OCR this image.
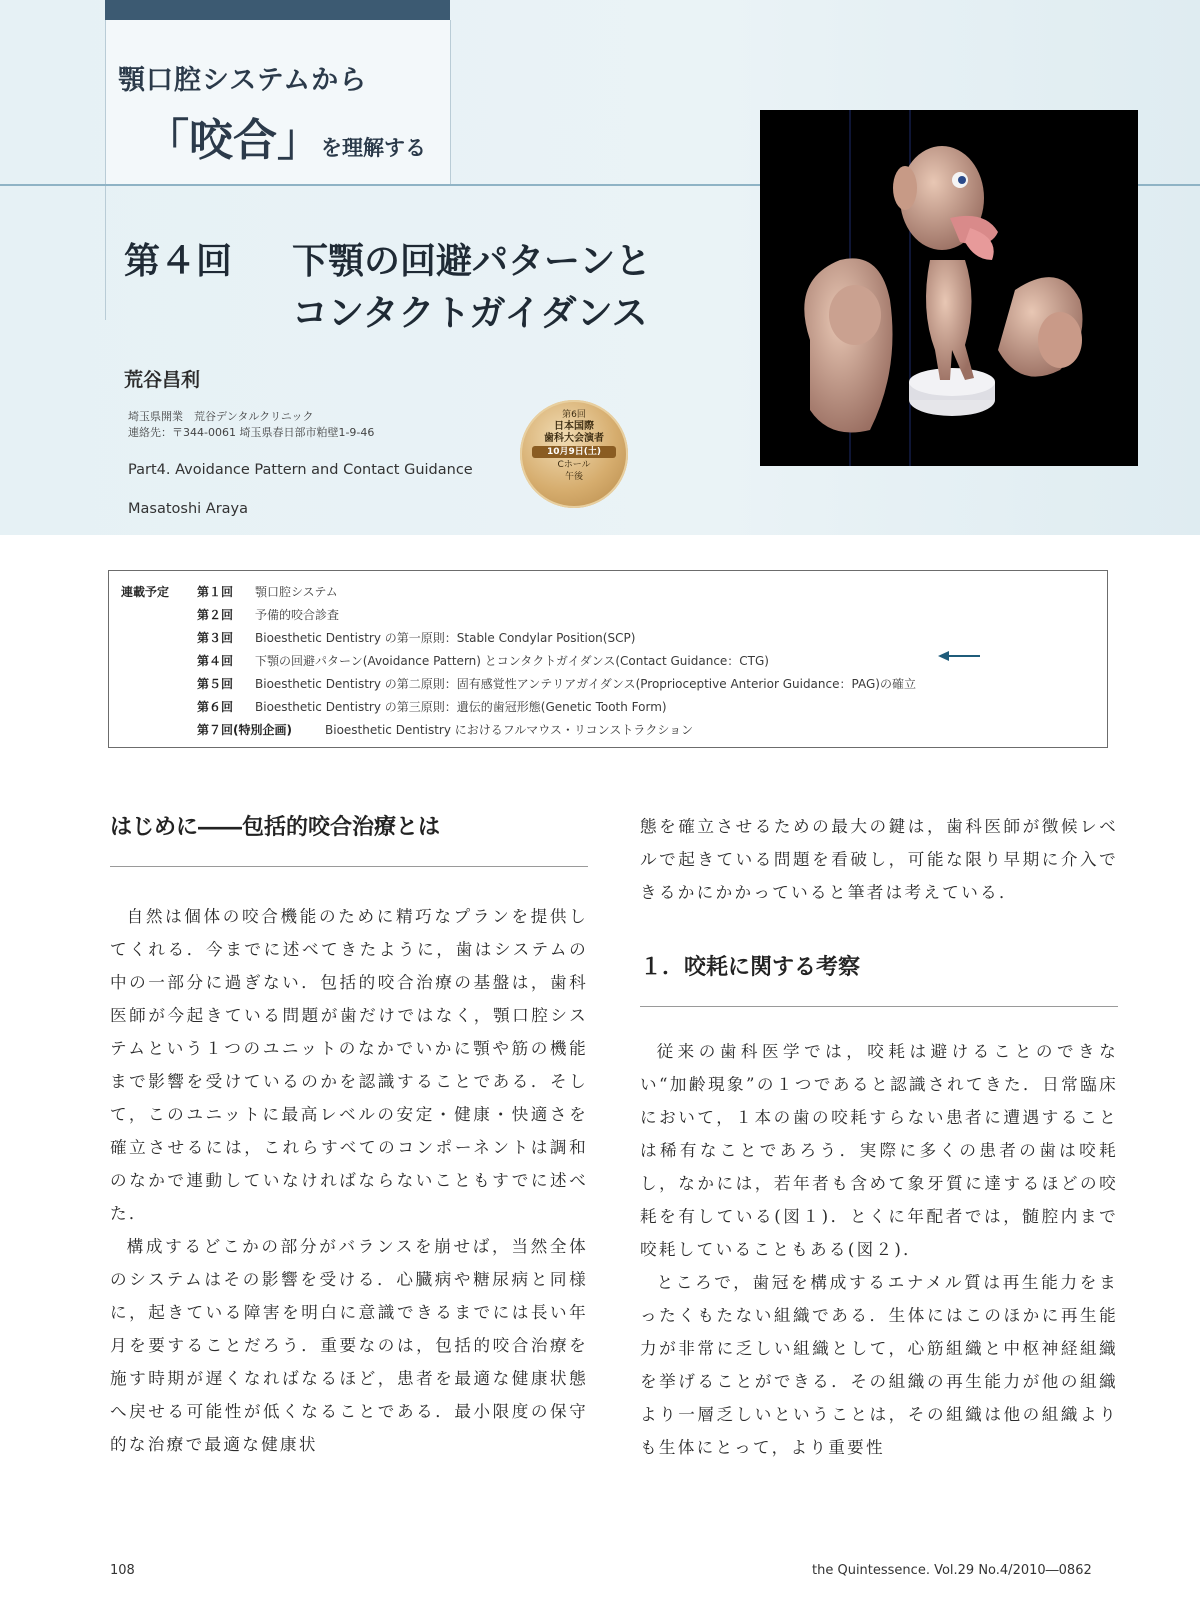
顎口腔システムから

「咬合」を理解する

第４回 下顎の回避パターンと
コンタクトガイダンス

荒谷昌利

埼玉県開業　荒谷デンタルクリニック
連絡先：〒344-0061 埼玉県春日部市粕壁1-9-46

Part4. Avoidance Pattern and Contact Guidance

Masatoshi Araya

第6回
日本国際
歯科大会演者
10月9日(土)
Cホール
午後

連載予定 第１回 顎口腔システム

第２回 予備的咬合診査

第３回 Bioesthetic Dentistry の第一原則：Stable Condylar Position(SCP)

第４回 下顎の回避パターン(Avoidance Pattern) とコンタクトガイダンス(Contact Guidance：CTG)

第５回 Bioesthetic Dentistry の第二原則：固有感覚性アンテリアガイダンス(Proprioceptive Anterior Guidance：PAG)の確立

第６回 Bioesthetic Dentistry の第三原則：遺伝的歯冠形態(Genetic Tooth Form)

第７回(特別企画)	Bioesthetic Dentistry におけるフルマウス・リコンストラクション

はじめに――包括的咬合治療とは

自然は個体の咬合機能のために精巧なプランを提供してくれる．今までに述べてきたように，歯はシステムの中の一部分に過ぎない．包括的咬合治療の基盤は，歯科医師が今起きている問題が歯だけではなく，顎口腔システムという１つのユニットのなかでいかに顎や筋の機能まで影響を受けているのかを認識することである．そして，このユニットに最高レベルの安定・健康・快適さを確立させるには，これらすべてのコンポーネントは調和のなかで連動していなければならないこともすでに述べた．

構成するどこかの部分がバランスを崩せば，当然全体のシステムはその影響を受ける．心臓病や糖尿病と同様に，起きている障害を明白に意識できるまでには長い年月を要することだろう．重要なのは，包括的咬合治療を施す時期が遅くなればなるほど，患者を最適な健康状態へ戻せる可能性が低くなることである．最小限度の保守的な治療で最適な健康状

態を確立させるための最大の鍵は，歯科医師が徴候レベルで起きている問題を看破し，可能な限り早期に介入できるかにかかっていると筆者は考えている．

１．咬耗に関する考察

従来の歯科医学では，咬耗は避けることのできない“加齢現象”の１つであると認識されてきた．日常臨床において，１本の歯の咬耗すらない患者に遭遇することは稀有なことであろう．実際に多くの患者の歯は咬耗し，なかには，若年者も含めて象牙質に達するほどの咬耗を有している(図１)．とくに年配者では，髄腔内まで咬耗していることもある(図２)．

ところで，歯冠を構成するエナメル質は再生能力をまったくもたない組織である．生体にはこのほかに再生能力が非常に乏しい組織として，心筋組織と中枢神経組織を挙げることができる．その組織の再生能力が他の組織より一層乏しいということは，その組織は他の組織よりも生体にとって，より重要性

108	the Quintessence. Vol.29 No.4/2010―0862
